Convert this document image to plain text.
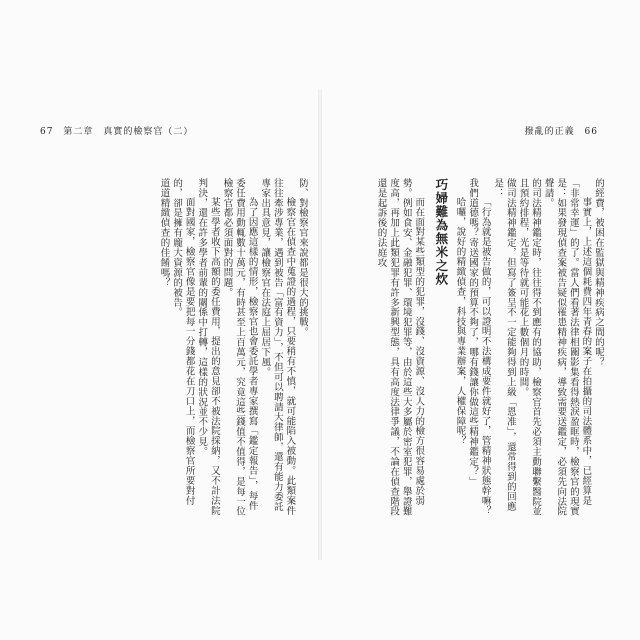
67 第二章　真實的檢察官（二）	撥亂的正義 66

的經費，被困在監獄與精神疾病之間的呢？

事實上，上述這個耗費四年青春的案子在拍攝的司法體系中，已經算是「非常幸運」的了。當人們看著法律相關影集看得熱淚盈眶時，檢察官的現實是：如果發現偵查案被告疑似罹患精神疾病，導致需要送鑑定，必須先向法院聲請。

的司法精神鑑定時，往往得不到應有的協助，檢察官首先必須主動聯繫醫院並且預約排程，光是等待就可能花上數個月的時間。

做司法精神鑑定，但寫了簽呈不一定能夠得到上級「恩准」，還常得到的回應是：

「行為就是被告做的，可以證明不法構成要件就好了，管精神狀態幹嘛？我們道德嗎？寄送國家的預算不夠了，哪有錢讓你做這些精神鑑定？」

哈囉，說好的精緻偵查，科技與專業辦案，人權保障呢？

巧婦難為無米之炊

而在面對某些類型的犯罪，沒錢、沒資源、沒人力的檢方很容易處於弱勢。例如食安、金融犯罪、環境犯罪等，由於這些大多屬於密室犯罪，舉證難度高，再加上此類犯罪有許多新興型態，具有高度法律爭議，不論在偵查階段還是起訴後的法庭攻

防、對檢察官來說都是很大的挑戰。

檢察官在偵查中蒐證的過程，只要稍有不慎，就可能陷入被動。此類案件往往牽涉專業，遇到被告「富有資力」，不但可以聘請大律師，還有能力委託專家出具意見，讓檢察官在法庭上屈居下風。

為了因應這樣的情形，檢察官也會委託學者專家撰寫「鑑定報告」，每件委任費用動輒數十萬元，有時甚至上百萬元，究竟這些錢值不值得，是每一位檢察官都必須面對的問題。

某些學者收下高額的委任費用，提出的意見卻不被法院採納，又不計法院判決，還在許多學者前輩的關係中打轉，這樣的狀況並不少見。

面對國家，檢察官像是要把每一分錢都花在刀口上，而檢察官所要對付的，卻是擁有龐大資源的被告。

道道精緻偵查的佳餚嗎？
